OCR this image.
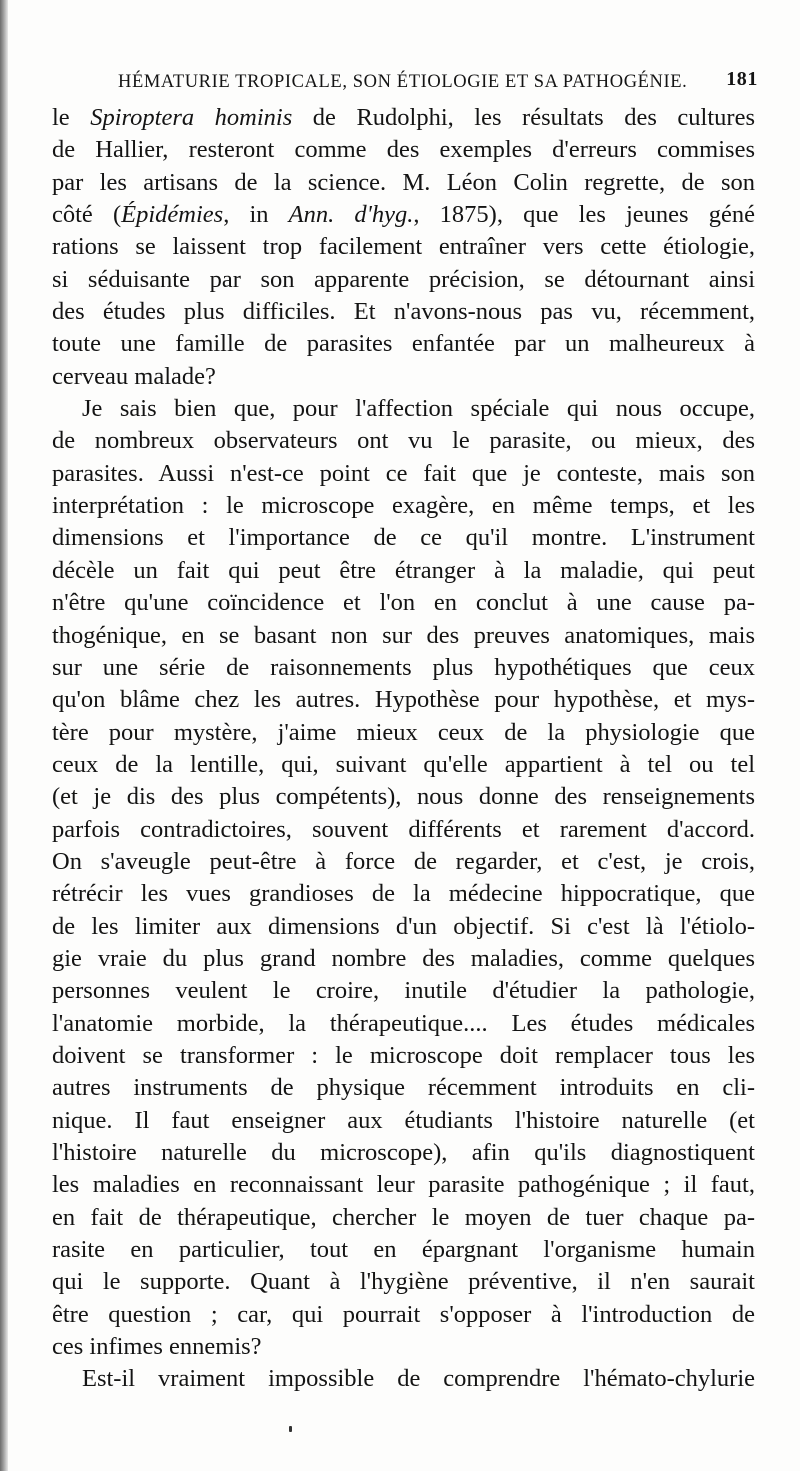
HÉMATURIE TROPICALE, SON ÉTIOLOGIE ET SA PATHOGÉNIE. 181
le Spiroptera hominis de Rudolphi, les résultats des cultures
de Hallier, resteront comme des exemples d'erreurs commises
par les artisans de la science. M. Léon Colin regrette, de son
côté (Épidémies, in Ann. d'hyg., 1875), que les jeunes géné
rations se laissent trop facilement entraîner vers cette étiologie,
si séduisante par son apparente précision, se détournant ainsi
des études plus difficiles. Et n'avons-nous pas vu, récemment,
toute une famille de parasites enfantée par un malheureux à
cerveau malade?
Je sais bien que, pour l'affection spéciale qui nous occupe,
de nombreux observateurs ont vu le parasite, ou mieux, des
parasites. Aussi n'est-ce point ce fait que je conteste, mais son
interprétation : le microscope exagère, en même temps, et les
dimensions et l'importance de ce qu'il montre. L'instrument
décèle un fait qui peut être étranger à la maladie, qui peut
n'être qu'une coïncidence et l'on en conclut à une cause pa-
thogénique, en se basant non sur des preuves anatomiques, mais
sur une série de raisonnements plus hypothétiques que ceux
qu'on blâme chez les autres. Hypothèse pour hypothèse, et mys-
tère pour mystère, j'aime mieux ceux de la physiologie que
ceux de la lentille, qui, suivant qu'elle appartient à tel ou tel
(et je dis des plus compétents), nous donne des renseignements
parfois contradictoires, souvent différents et rarement d'accord.
On s'aveugle peut-être à force de regarder, et c'est, je crois,
rétrécir les vues grandioses de la médecine hippocratique, que
de les limiter aux dimensions d'un objectif. Si c'est là l'étiolo-
gie vraie du plus grand nombre des maladies, comme quelques
personnes veulent le croire, inutile d'étudier la pathologie,
l'anatomie morbide, la thérapeutique.... Les études médicales
doivent se transformer : le microscope doit remplacer tous les
autres instruments de physique récemment introduits en cli-
nique. Il faut enseigner aux étudiants l'histoire naturelle (et
l'histoire naturelle du microscope), afin qu'ils diagnostiquent
les maladies en reconnaissant leur parasite pathogénique ; il faut,
en fait de thérapeutique, chercher le moyen de tuer chaque pa-
rasite en particulier, tout en épargnant l'organisme humain
qui le supporte. Quant à l'hygiène préventive, il n'en saurait
être question ; car, qui pourrait s'opposer à l'introduction de
ces infimes ennemis?
Est-il vraiment impossible de comprendre l'hémato-chylurie
